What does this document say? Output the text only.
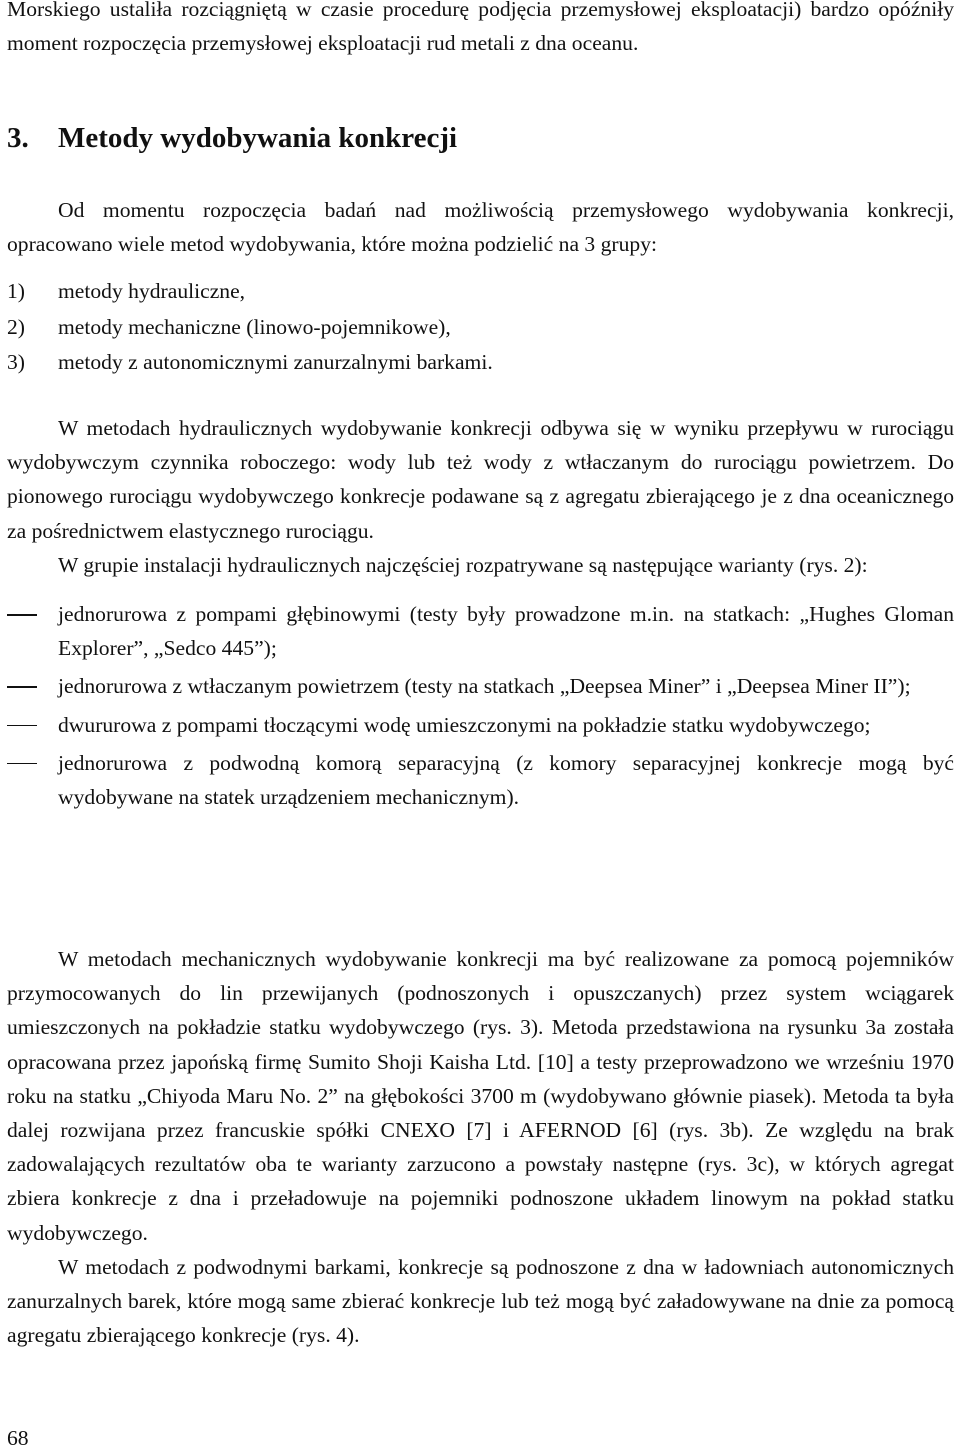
Morskiego ustaliła rozciągniętą w czasie procedurę podjęcia przemysłowej eksploatacji) bardzo opóźniły moment rozpoczęcia przemysłowej eksploatacji rud metali z dna oceanu.

3. Metody wydobywania konkrecji

Od momentu rozpoczęcia badań nad możliwością przemysłowego wydobywania konkrecji, opracowano wiele metod wydobywania, które można podzielić na 3 grupy:

1) metody hydrauliczne,
2) metody mechaniczne (linowo-pojemnikowe),
3) metody z autonomicznymi zanurzalnymi barkami.

W metodach hydraulicznych wydobywanie konkrecji odbywa się w wyniku przepływu w rurociągu wydobywczym czynnika roboczego: wody lub też wody z wtłaczanym do rurociągu powietrzem. Do pionowego rurociągu wydobywczego konkrecje podawane są z agregatu zbierającego je z dna oceanicznego za pośrednictwem elastycznego rurociągu.

W grupie instalacji hydraulicznych najczęściej rozpatrywane są następujące warianty (rys. 2):

jednorurowa z pompami głębinowymi (testy były prowadzone m.in. na statkach: „Hughes Gloman Explorer”, „Sedco 445”);
jednorurowa z wtłaczanym powietrzem (testy na statkach „Deepsea Miner” i „Deepsea Miner II”);
dwururowa z pompami tłoczącymi wodę umieszczonymi na pokładzie statku wydobywczego;
jednorurowa z podwodną komorą separacyjną (z komory separacyjnej konkrecje mogą być wydobywane na statek urządzeniem mechanicznym).

W metodach mechanicznych wydobywanie konkrecji ma być realizowane za pomocą pojemników przymocowanych do lin przewijanych (podnoszonych i opuszczanych) przez system wciągarek umieszczonych na pokładzie statku wydobywczego (rys. 3). Metoda przedstawiona na rysunku 3a została opracowana przez japońską firmę Sumito Shoji Kaisha Ltd. [10] a testy przeprowadzono we wrześniu 1970 roku na statku „Chiyoda Maru No. 2” na głębokości 3700 m (wydobywano głównie piasek). Metoda ta była dalej rozwijana przez francuskie spółki CNEXO [7] i AFERNOD [6] (rys. 3b). Ze względu na brak zadowalających rezultatów oba te warianty zarzucono a powstały następne (rys. 3c), w których agregat zbiera konkrecje z dna i przeładowuje na pojemniki podnoszone układem linowym na pokład statku wydobywczego.

W metodach z podwodnymi barkami, konkrecje są podnoszone z dna w ładowniach autonomicznych zanurzalnych barek, które mogą same zbierać konkrecje lub też mogą być załadowywane na dnie za pomocą agregatu zbierającego konkrecje (rys. 4).

68
